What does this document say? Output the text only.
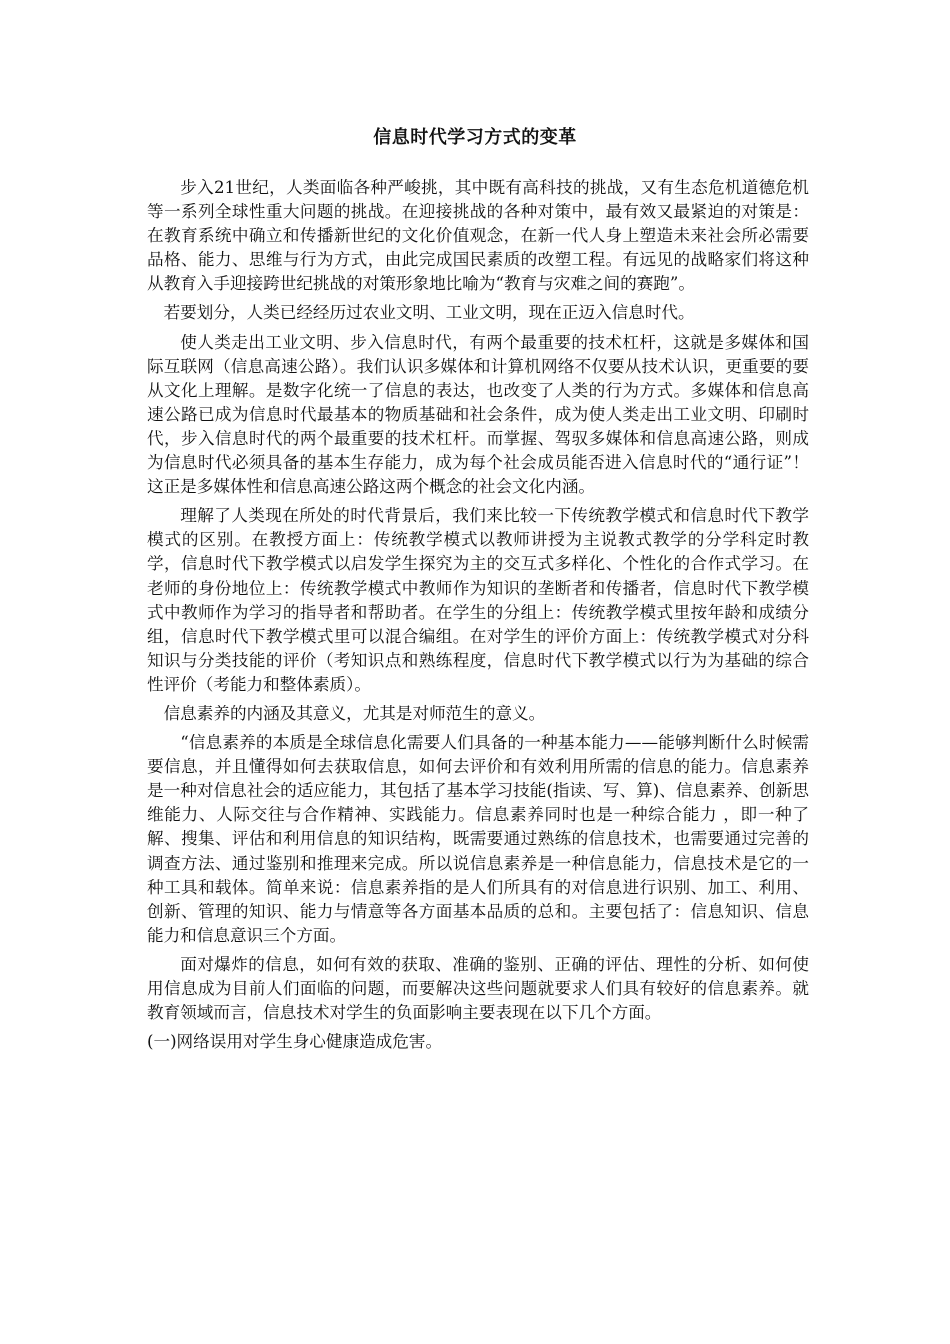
信息时代学习方式的变革

步入21世纪，人类面临各种严峻挑，其中既有高科技的挑战，又有生态危机道德危机等一系列全球性重大问题的挑战。在迎接挑战的各种对策中，最有效又最紧迫的对策是：在教育系统中确立和传播新世纪的文化价值观念，在新一代人身上塑造未来社会所必需要品格、能力、思维与行为方式，由此完成国民素质的改塑工程。有远见的战略家们将这种从教育入手迎接跨世纪挑战的对策形象地比喻为“教育与灾难之间的赛跑”。

若要划分，人类已经经历过农业文明、工业文明，现在正迈入信息时代。

使人类走出工业文明、步入信息时代，有两个最重要的技术杠杆，这就是多媒体和国际互联网（信息高速公路）。我们认识多媒体和计算机网络不仅要从技术认识，更重要的要从文化上理解。是数字化统一了信息的表达，也改变了人类的行为方式。多媒体和信息高速公路已成为信息时代最基本的物质基础和社会条件，成为使人类走出工业文明、印刷时代，步入信息时代的两个最重要的技术杠杆。而掌握、驾驭多媒体和信息高速公路，则成为信息时代必须具备的基本生存能力，成为每个社会成员能否进入信息时代的“通行证”！这正是多媒体性和信息高速公路这两个概念的社会文化内涵。

理解了人类现在所处的时代背景后，我们来比较一下传统教学模式和信息时代下教学模式的区别。在教授方面上：传统教学模式以教师讲授为主说教式教学的分学科定时教学，信息时代下教学模式以启发学生探究为主的交互式多样化、个性化的合作式学习。在老师的身份地位上：传统教学模式中教师作为知识的垄断者和传播者，信息时代下教学模式中教师作为学习的指导者和帮助者。在学生的分组上：传统教学模式里按年龄和成绩分组，信息时代下教学模式里可以混合编组。在对学生的评价方面上：传统教学模式对分科知识与分类技能的评价（考知识点和熟练程度，信息时代下教学模式以行为为基础的综合性评价（考能力和整体素质）。

信息素养的内涵及其意义，尤其是对师范生的意义。

“信息素养的本质是全球信息化需要人们具备的一种基本能力——能够判断什么时候需要信息，并且懂得如何去获取信息，如何去评价和有效利用所需的信息的能力。信息素养是一种对信息社会的适应能力，其包括了基本学习技能(指读、写、算)、信息素养、创新思维能力、人际交往与合作精神、实践能力。信息素养同时也是一种综合能力 ，即一种了解、搜集、评估和利用信息的知识结构，既需要通过熟练的信息技术，也需要通过完善的调查方法、通过鉴别和推理来完成。所以说信息素养是一种信息能力，信息技术是它的一种工具和载体。简单来说：信息素养指的是人们所具有的对信息进行识别、加工、利用、创新、管理的知识、能力与情意等各方面基本品质的总和。主要包括了：信息知识、信息能力和信息意识三个方面。

面对爆炸的信息，如何有效的获取、准确的鉴别、正确的评估、理性的分析、如何使用信息成为目前人们面临的问题，而要解决这些问题就要求人们具有较好的信息素养。就教育领域而言，信息技术对学生的负面影响主要表现在以下几个方面。

(一)网络误用对学生身心健康造成危害。
